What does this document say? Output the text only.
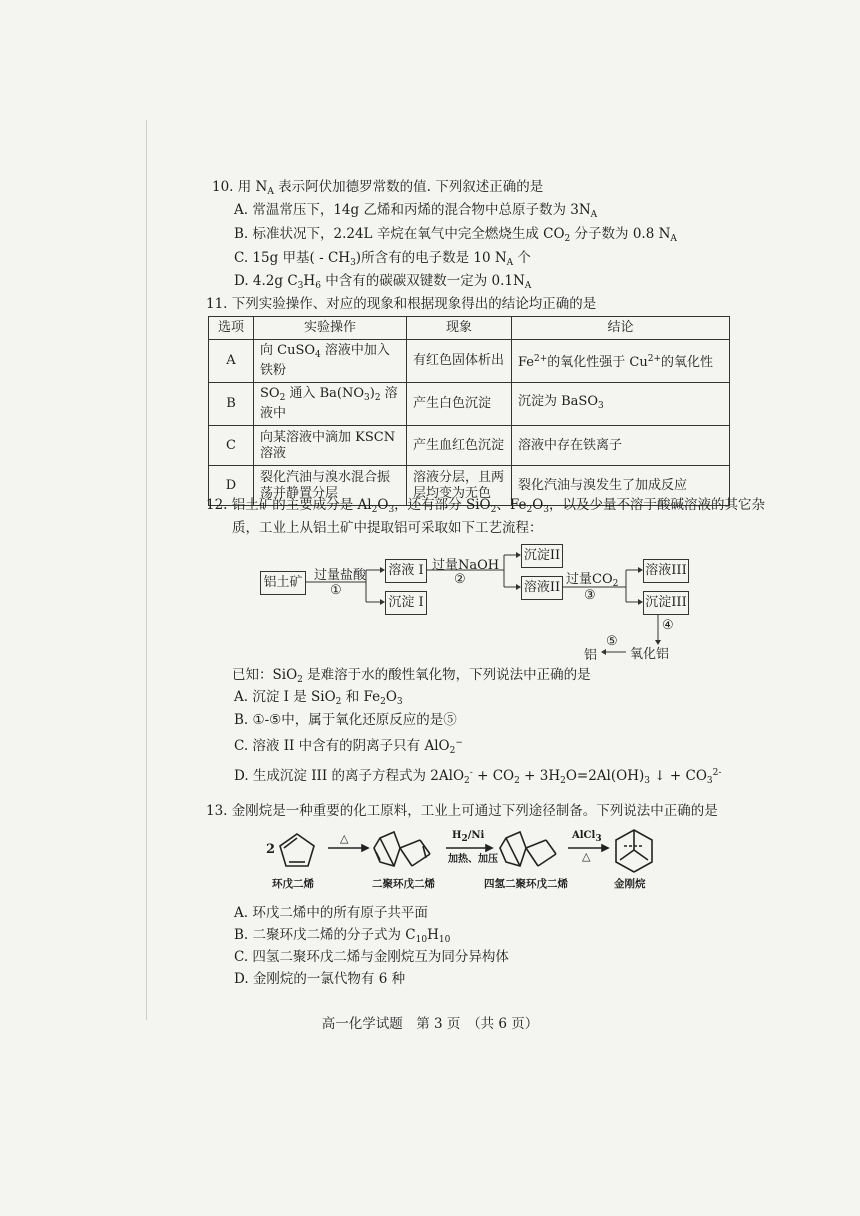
10. 用 $N_A$ 表示阿伏加德罗常数的值. 下列叙述正确的是
A. 常温常压下，14g 乙烯和丙烯的混合物中总原子数为 $3N_A$
B. 标准状况下，2.24L 辛烷在氧气中完全燃烧生成 $CO_2$ 分子数为 0.8 $N_A$
C. 15g 甲基( - $CH_3$)所含有的电子数是 10 $N_A$ 个
D. 4.2g $C_3H_6$ 中含有的碳碳双键数一定为 $0.1N_A$
11. 下列实验操作、对应的现象和根据现象得出的结论均正确的是
选项	实验操作	现象	结论
A	向 CuSO$_4$ 溶液中加入铁粉	有红色固体析出	$Fe^{2+}$的氧化性强于 $Cu^{2+}$的氧化性
B	$SO_2$ 通入 $Ba(NO_3)_2$ 溶液中	产生白色沉淀	沉淀为 BaSO$_3$
C	向某溶液中滴加 KSCN 溶液	产生血红色沉淀	溶液中存在铁离子
D	裂化汽油与溴水混合振荡并静置分层	溶液分层，且两层均变为无色	裂化汽油与溴发生了加成反应
12. 铝土矿的主要成分是 $Al_2O_3$，还有部分 SiO$_2$、$Fe_2O_3$，以及少量不溶于酸碱溶液的其它杂
质，工业上从铝土矿中提取铝可采取如下工艺流程：
铝土矿 过量盐酸
①
溶液 I
沉淀 I
过量NaOH
②
沉淀II
溶液II
过量$CO_2$
③
溶液III
沉淀III
④
氧化铝
⑤
铝
已知：SiO$_2$ 是难溶于水的酸性氧化物，下列说法中正确的是
A. 沉淀 I 是 SiO$_2$ 和 $Fe_2O_3$
B. ①-⑤中，属于氧化还原反应的是⑤
C. 溶液 II 中含有的阴离子只有 AlO$_2$−
D. 生成沉淀 III 的离子方程式为 $2AlO_2^- + CO_2 + 3H_2O=2Al(OH)_3$ ↓ + $CO_3^{2-}$
13. 金刚烷是一种重要的化工原料，工业上可通过下列途径制备。下列说法中正确的是
2
△	$H_2/Ni$
加热、加压
AlCl$_3$
△
环戊二烯	二聚环戊二烯	四氢二聚环戊二烯	金刚烷
A. 环戊二烯中的所有原子共平面
B. 二聚环戊二烯的分子式为 $C_{10}H_{10}$
C. 四氢二聚环戊二烯与金刚烷互为同分异构体
D. 金刚烷的一氯代物有 6 种
高一化学试题　第 3 页　（共 6 页）
